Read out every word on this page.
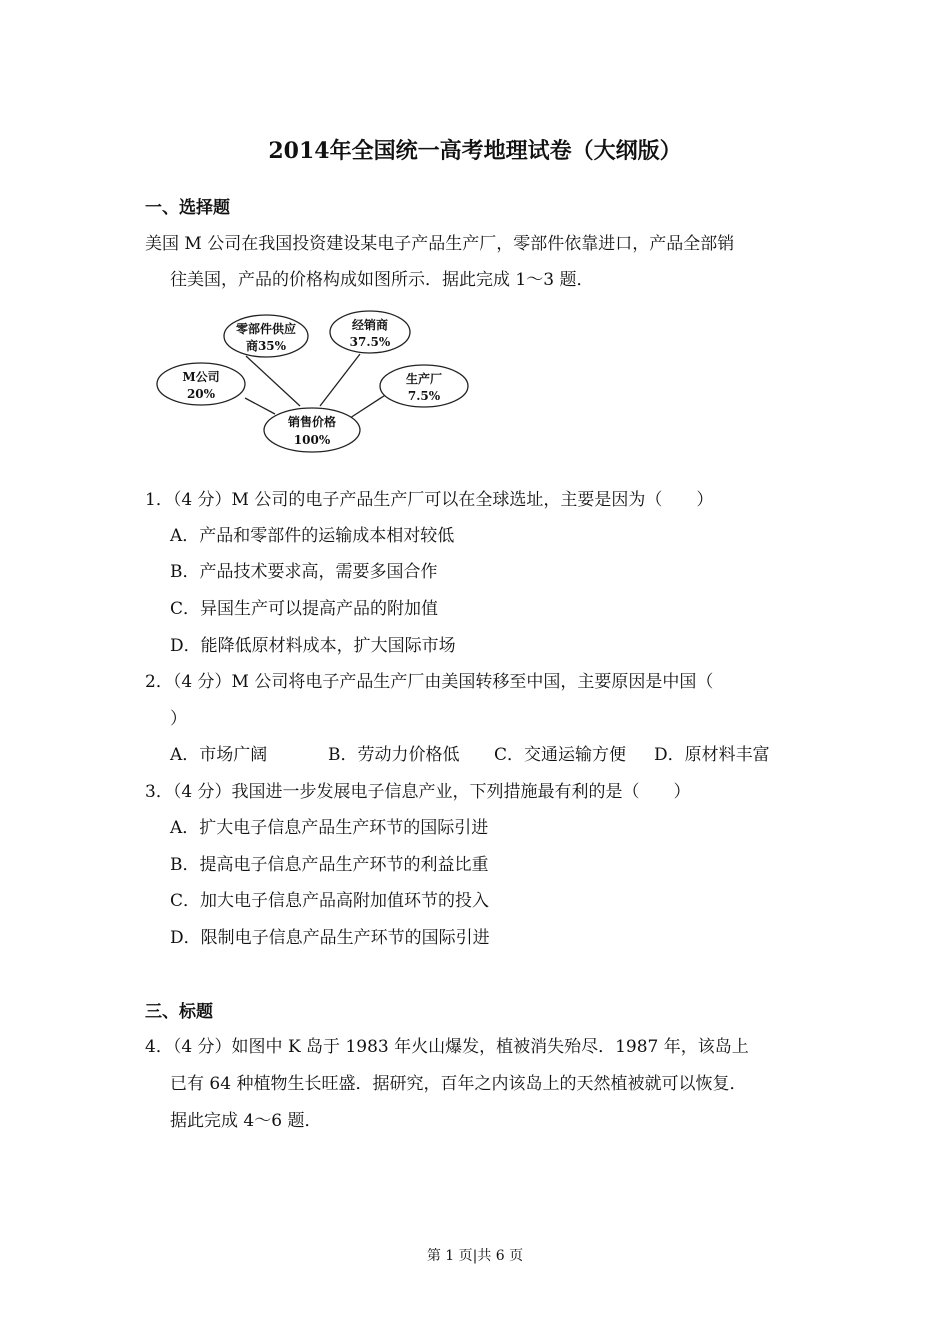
2014年全国统一高考地理试卷（大纲版）
一、选择题
美国 M 公司在我国投资建设某电子产品生产厂，零部件依靠进口，产品全部销
往美国，产品的价格构成如图所示．据此完成 1～3 题．
零部件供应
商35%
经销商
37.5%
M公司
20%
生产厂
7.5%
销售价格
100%
1．（4 分）M 公司的电子产品生产厂可以在全球选址，主要是因为（　　）
A．产品和零部件的运输成本相对较低
B．产品技术要求高，需要多国合作
C．异国生产可以提高产品的附加值
D．能降低原材料成本，扩大国际市场
2．（4 分）M 公司将电子产品生产厂由美国转移至中国，主要原因是中国（
）
A．市场广阔	B．劳动力价格低 C．交通运输方便 D．原材料丰富
3．（4 分）我国进一步发展电子信息产业，下列措施最有利的是（　　）
A．扩大电子信息产品生产环节的国际引进
B．提高电子信息产品生产环节的利益比重
C．加大电子信息产品高附加值环节的投入
D．限制电子信息产品生产环节的国际引进
三、标题
4．（4 分）如图中 K 岛于 1983 年火山爆发，植被消失殆尽．1987 年，该岛上
已有 64 种植物生长旺盛．据研究，百年之内该岛上的天然植被就可以恢复．
据此完成 4～6 题．
第 1 页|共 6 页
